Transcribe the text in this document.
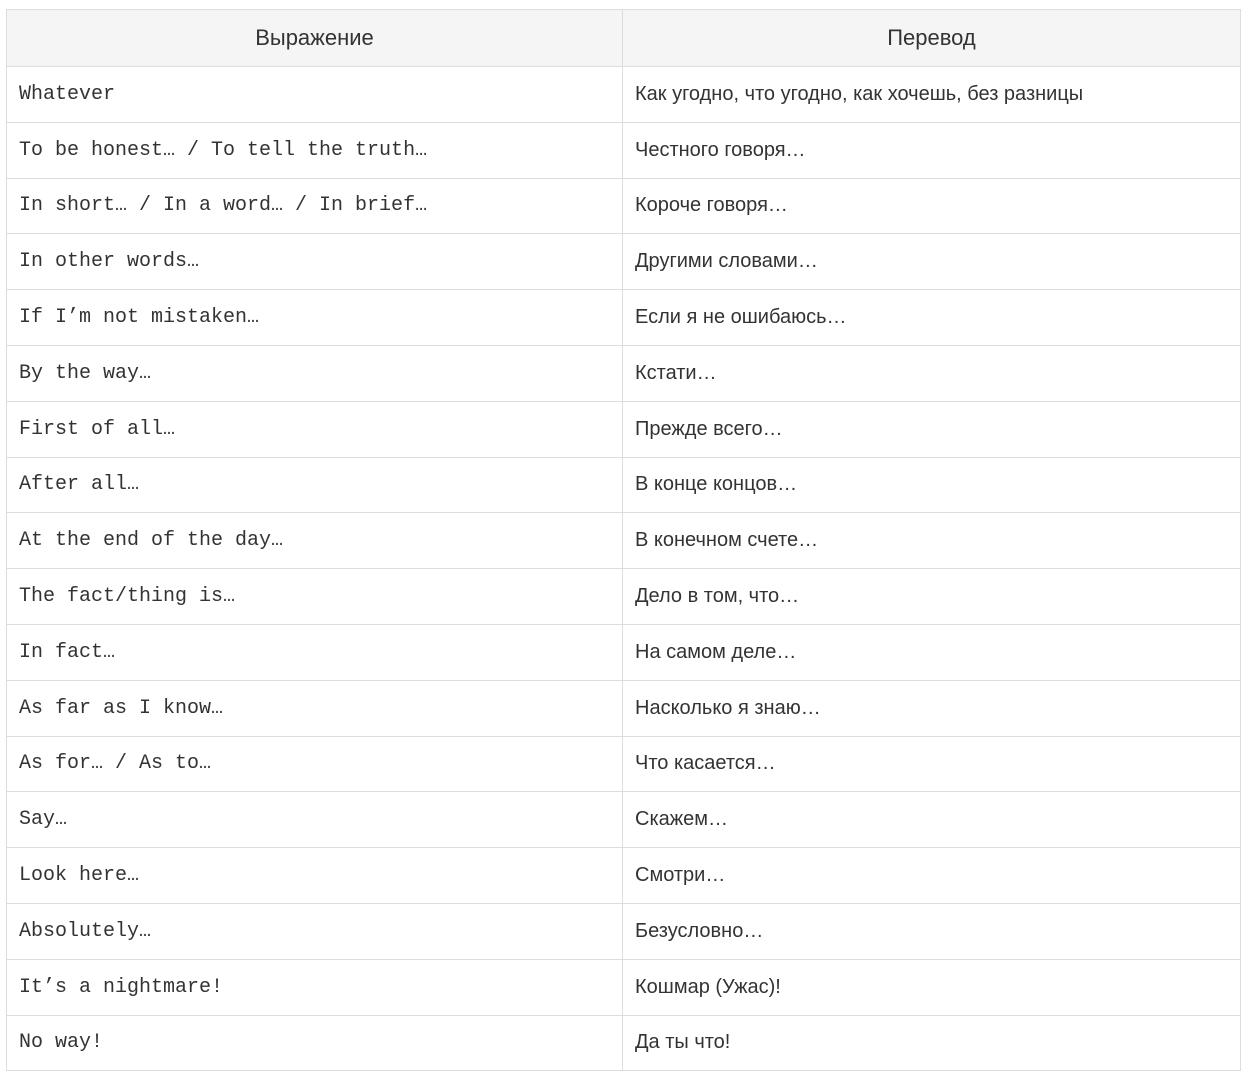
Выражение	Перевод
Whatever	Как угодно, что угодно, как хочешь, без разницы
To be honest… / To tell the truth…	Честного говоря…
In short… / In a word… / In brief…	Короче говоря…
In other words…	Другими словами…
If I’m not mistaken…	Если я не ошибаюсь…
By the way…	Кстати…
First of all…	Прежде всего…
After all…	В конце концов…
At the end of the day…	В конечном счете…
The fact/thing is…	Дело в том, что…
In fact…	На самом деле…
As far as I know…	Насколько я знаю…
As for… / As to…	Что касается…
Say…	Скажем…
Look here…	Смотри…
Absolutely…	Безусловно…
It’s a nightmare!	Кошмар (Ужас)!
No way!	Да ты что!
